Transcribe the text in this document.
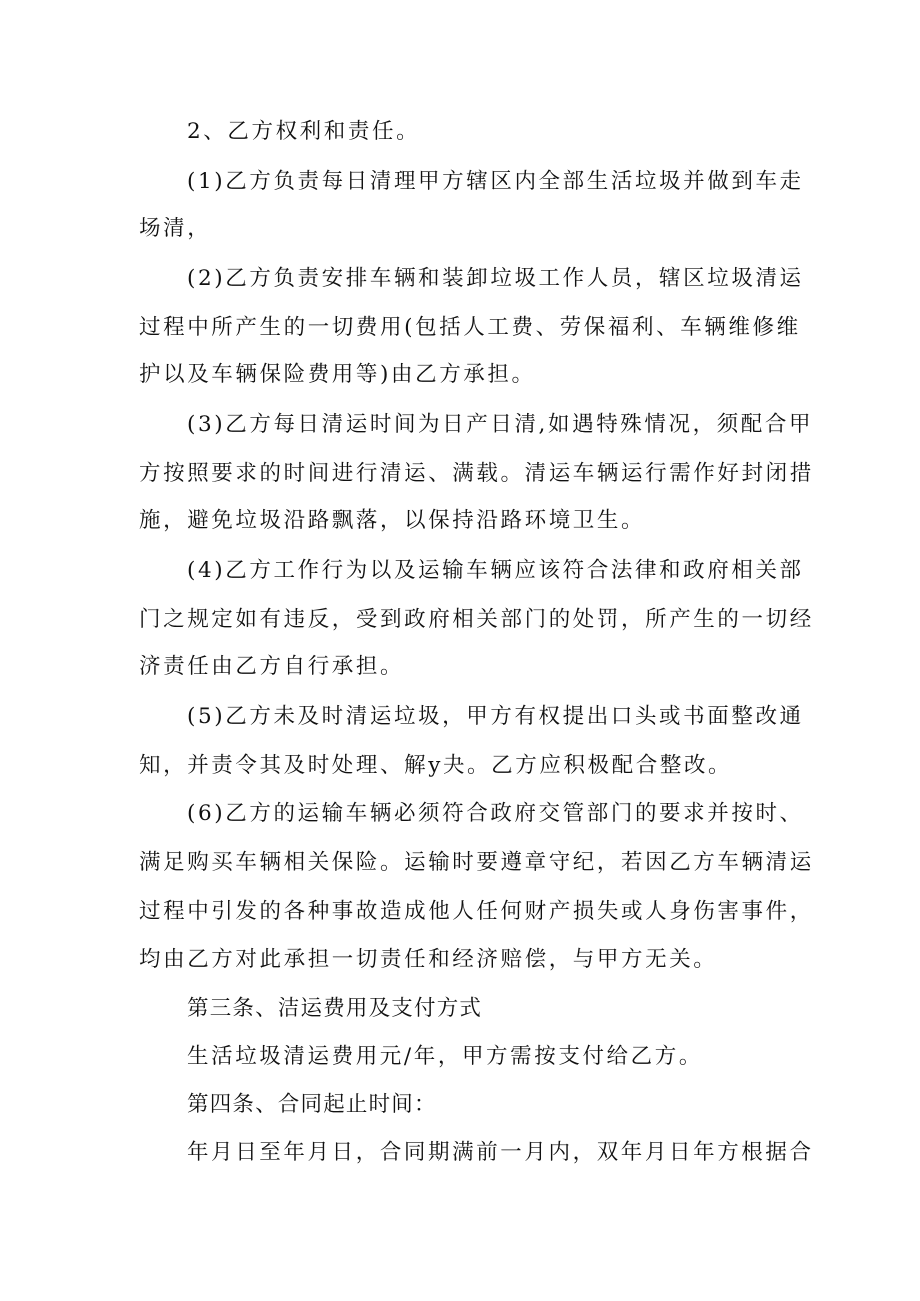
2、乙方权利和责任。

(1)乙方负责每日清理甲方辖区内全部生活垃圾并做到车走

场清，

(2)乙方负责安排车辆和装卸垃圾工作人员，辖区垃圾清运

过程中所产生的一切费用(包括人工费、劳保福利、车辆维修维

护以及车辆保险费用等)由乙方承担。

(3)乙方每日清运时间为日产日清,如遇特殊情况，须配合甲

方按照要求的时间进行清运、满载。清运车辆运行需作好封闭措

施，避免垃圾沿路飘落，以保持沿路环境卫生。

(4)乙方工作行为以及运输车辆应该符合法律和政府相关部

门之规定如有违反，受到政府相关部门的处罚，所产生的一切经

济责任由乙方自行承担。

(5)乙方未及时清运垃圾，甲方有权提出口头或书面整改通

知，并责令其及时处理、解y夬。乙方应积极配合整改。

(6)乙方的运输车辆必须符合政府交管部门的要求并按时、

满足购买车辆相关保险。运输时要遵章守纪，若因乙方车辆清运

过程中引发的各种事故造成他人任何财产损失或人身伤害事件，

均由乙方对此承担一切责任和经济赔偿，与甲方无关。

第三条、洁运费用及支付方式

生活垃圾清运费用元/年，甲方需按支付给乙方。

第四条、合同起止时间：

年月日至年月日，合同期满前一月内，双年月日年方根据合
